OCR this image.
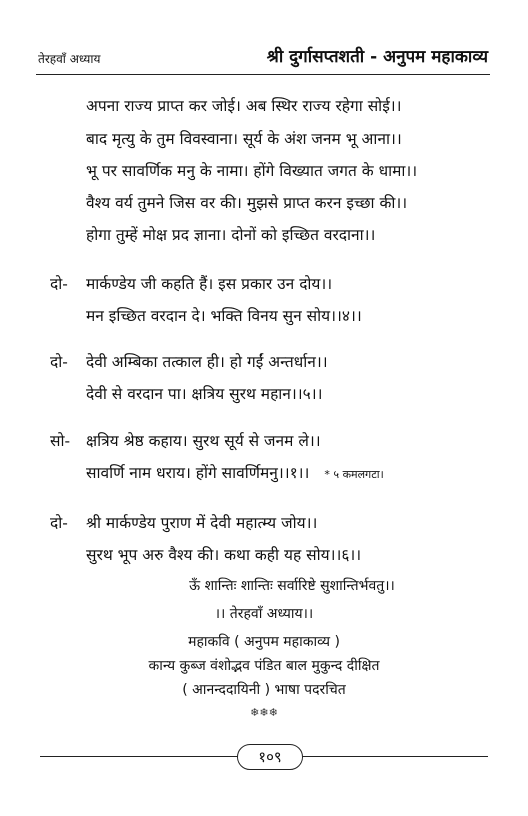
तेरहवाँ अध्याय	श्री दुर्गासप्तशती - अनुपम महाकाव्य
अपना राज्य प्राप्त कर जोई। अब स्थिर राज्य रहेगा सोई।।
बाद मृत्यु के तुम विवस्वाना। सूर्य के अंश जनम भू आना।।
भू पर सावर्णिक मनु के नामा। होंगे विख्यात जगत के धामा।।
वैश्य वर्य तुमने जिस वर की। मुझसे प्राप्त करन इच्छा की।।
होगा तुम्हें मोक्ष प्रद ज्ञाना। दोनों को इच्छित वरदाना।।
दो- मार्कण्डेय जी कहति हैं। इस प्रकार उन दोय।।
मन इच्छित वरदान दे। भक्ति विनय सुन सोय।।४।।
दो- देवी अम्बिका तत्काल ही। हो गईं अन्तर्धान।।
देवी से वरदान पा। क्षत्रिय सुरथ महान।।५।।
सो- क्षत्रिय श्रेष्ठ कहाय। सुरथ सूर्य से जनम ले।।
सावर्णि नाम धराय। होंगे सावर्णिमनु।।१।। * ५ कमलगटा।
दो- श्री मार्कण्डेय पुराण में देवी महात्म्य जोय।।
सुरथ भूप अरु वैश्य की। कथा कही यह सोय।।६।।
ऊँ शान्तिः शान्तिः सर्वारिष्टे सुशान्तिर्भवतु।।
।। तेरहवाँ अध्याय।।
महाकवि ( अनुपम महाकाव्य )
कान्य कुब्ज वंशोद्भव पंडित बाल मुकुन्द दीक्षित
( आनन्ददायिनी ) भाषा पदरचित
❄❄❄
१०९
